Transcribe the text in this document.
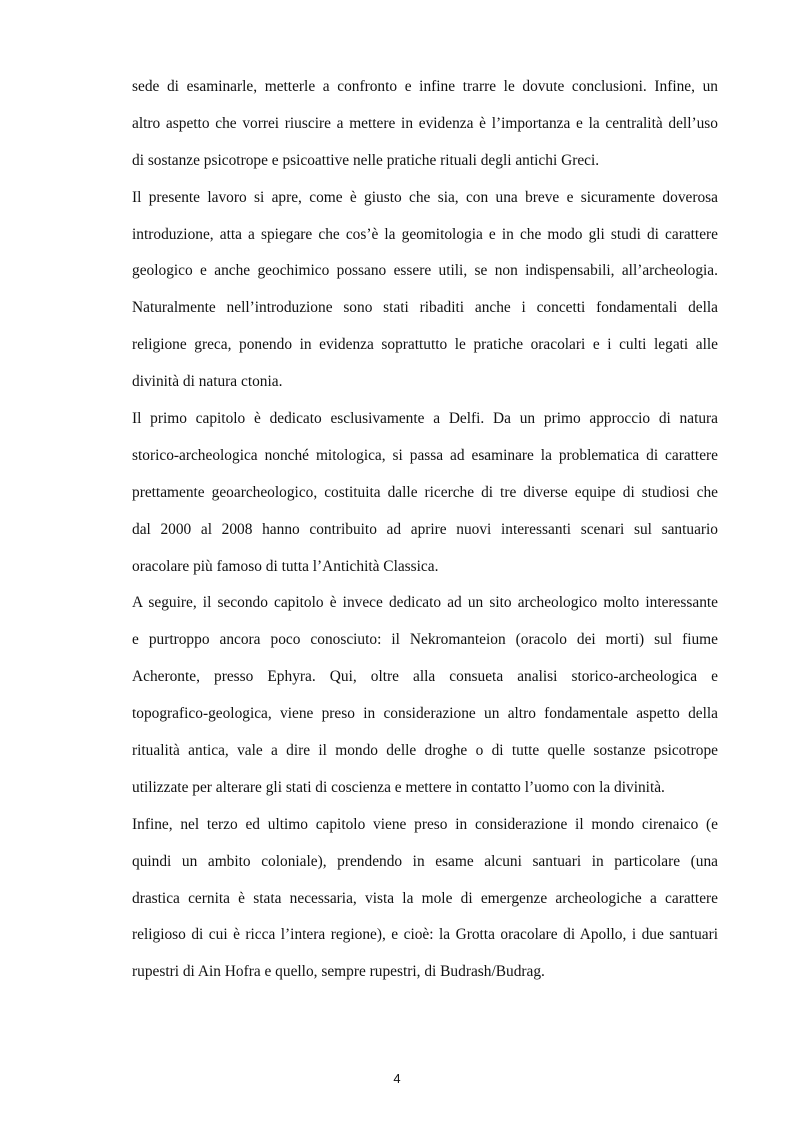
sede di esaminarle, metterle a confronto e infine trarre le dovute conclusioni. Infine, un
altro aspetto che vorrei riuscire a mettere in evidenza è l’importanza e la centralità dell’uso
di sostanze psicotrope e psicoattive nelle pratiche rituali degli antichi Greci.
Il presente lavoro si apre, come è giusto che sia, con una breve e sicuramente doverosa
introduzione, atta a spiegare che cos’è la geomitologia e in che modo gli studi di carattere
geologico e anche geochimico possano essere utili, se non indispensabili, all’archeologia.
Naturalmente nell’introduzione sono stati ribaditi anche i concetti fondamentali della
religione greca, ponendo in evidenza soprattutto le pratiche oracolari e i culti legati alle
divinità di natura ctonia.
Il primo capitolo è dedicato esclusivamente a Delfi. Da un primo approccio di natura
storico-archeologica nonché mitologica, si passa ad esaminare la problematica di carattere
prettamente geoarcheologico, costituita dalle ricerche di tre diverse equipe di studiosi che
dal 2000 al 2008 hanno contribuito ad aprire nuovi interessanti scenari sul santuario
oracolare più famoso di tutta l’Antichità Classica.
A seguire, il secondo capitolo è invece dedicato ad un sito archeologico molto interessante
e purtroppo ancora poco conosciuto: il Nekromanteion (oracolo dei morti) sul fiume
Acheronte, presso Ephyra. Qui, oltre alla consueta analisi storico-archeologica e
topografico-geologica, viene preso in considerazione un altro fondamentale aspetto della
ritualità antica, vale a dire il mondo delle droghe o di tutte quelle sostanze psicotrope
utilizzate per alterare gli stati di coscienza e mettere in contatto l’uomo con la divinità.
Infine, nel terzo ed ultimo capitolo viene preso in considerazione il mondo cirenaico (e
quindi un ambito coloniale), prendendo in esame alcuni santuari in particolare (una
drastica cernita è stata necessaria, vista la mole di emergenze archeologiche a carattere
religioso di cui è ricca l’intera regione), e cioè: la Grotta oracolare di Apollo, i due santuari
rupestri di Ain Hofra e quello, sempre rupestri, di Budrash/Budrag.
4
